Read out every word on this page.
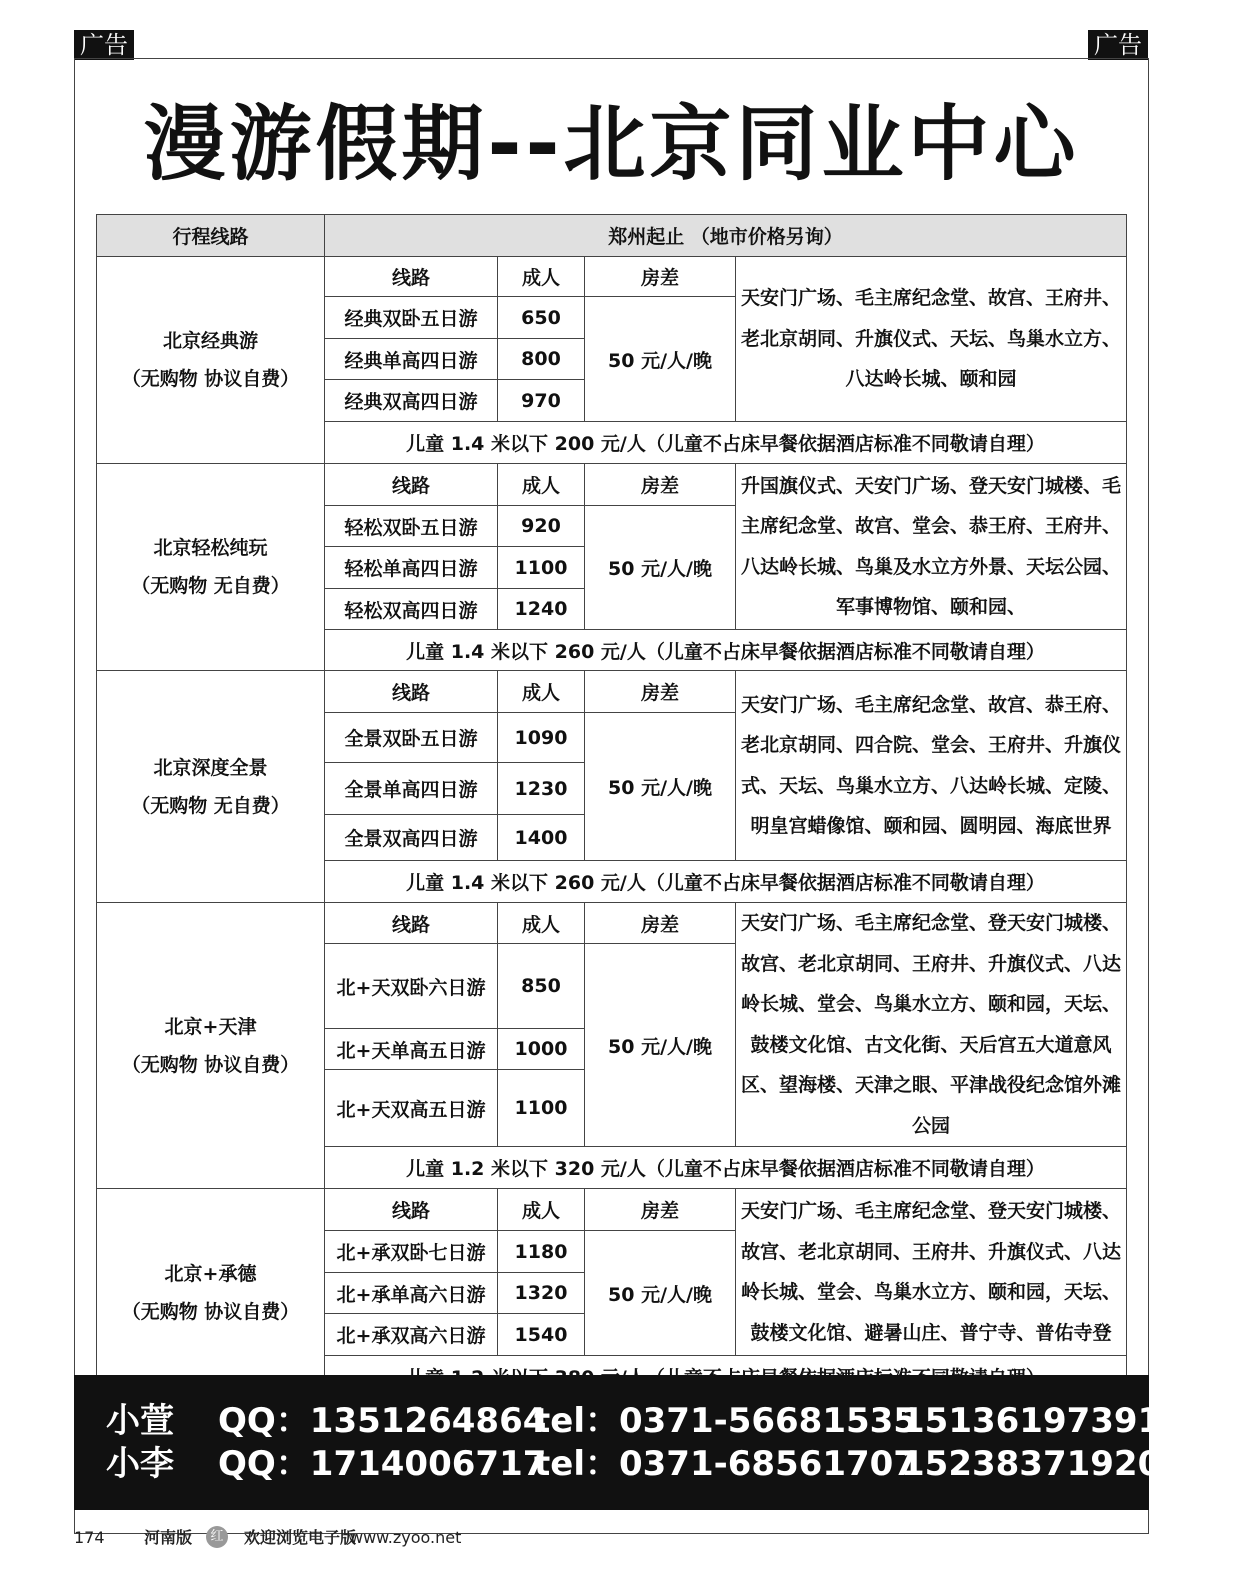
广告	广告
漫游假期--北京同业中心
行程线路	郑州起止 （地市价格另询）			

北京经典游
（无购物 协议自费）	线路	成人	房差	天安门广场、毛主席纪念堂、故宫、王府井、老北京胡同、升旗仪式、天坛、鸟巢水立方、八达岭长城、颐和园
	经典双卧五日游	650	50 元/人/晚	
	经典单高四日游	800		
	经典双高四日游	970		
	儿童 1.4 米以下 200 元/人（儿童不占床早餐依据酒店标准不同敬请自理）			

北京轻松纯玩
（无购物 无自费）	线路	成人	房差	升国旗仪式、天安门广场、登天安门城楼、毛主席纪念堂、故宫、堂会、恭王府、王府井、八达岭长城、鸟巢及水立方外景、天坛公园、军事博物馆、颐和园、
	轻松双卧五日游	920	50 元/人/晚	
	轻松单高四日游	1100		
	轻松双高四日游	1240		
	儿童 1.4 米以下 260 元/人（儿童不占床早餐依据酒店标准不同敬请自理）			

北京深度全景
（无购物 无自费）	线路	成人	房差	天安门广场、毛主席纪念堂、故宫、恭王府、老北京胡同、四合院、堂会、王府井、升旗仪式、天坛、鸟巢水立方、八达岭长城、定陵、明皇宫蜡像馆、颐和园、圆明园、海底世界
	全景双卧五日游	1090	50 元/人/晚	
	全景单高四日游	1230		
	全景双高四日游	1400		
	儿童 1.4 米以下 260 元/人（儿童不占床早餐依据酒店标准不同敬请自理）			

北京+天津
（无购物 协议自费）	线路	成人	房差	天安门广场、毛主席纪念堂、登天安门城楼、故宫、老北京胡同、王府井、升旗仪式、八达岭长城、堂会、鸟巢水立方、颐和园，天坛、鼓楼文化馆、古文化街、天后宫五大道意风区、望海楼、天津之眼、平津战役纪念馆外滩公园
	北+天双卧六日游	850	50 元/人/晚	
	北+天单高五日游	1000		
	北+天双高五日游	1100		
	儿童 1.2 米以下 320 元/人（儿童不占床早餐依据酒店标准不同敬请自理）			

北京+承德
（无购物 协议自费）	线路	成人	房差	天安门广场、毛主席纪念堂、登天安门城楼、故宫、老北京胡同、王府井、升旗仪式、八达岭长城、堂会、鸟巢水立方、颐和园，天坛、鼓楼文化馆、避暑山庄、普宁寺、普佑寺登
	北+承双卧七日游	1180	50 元/人/晚	
	北+承单高六日游	1320		
	北+承双高六日游	1540		

小萱 QQ：1351264864
tel：0371-56681535
15136197391
小李 QQ：1714006717
tel：0371-68561707
15238371920
174 河南版	红 欢迎浏览电子版
www.zyoo.net
